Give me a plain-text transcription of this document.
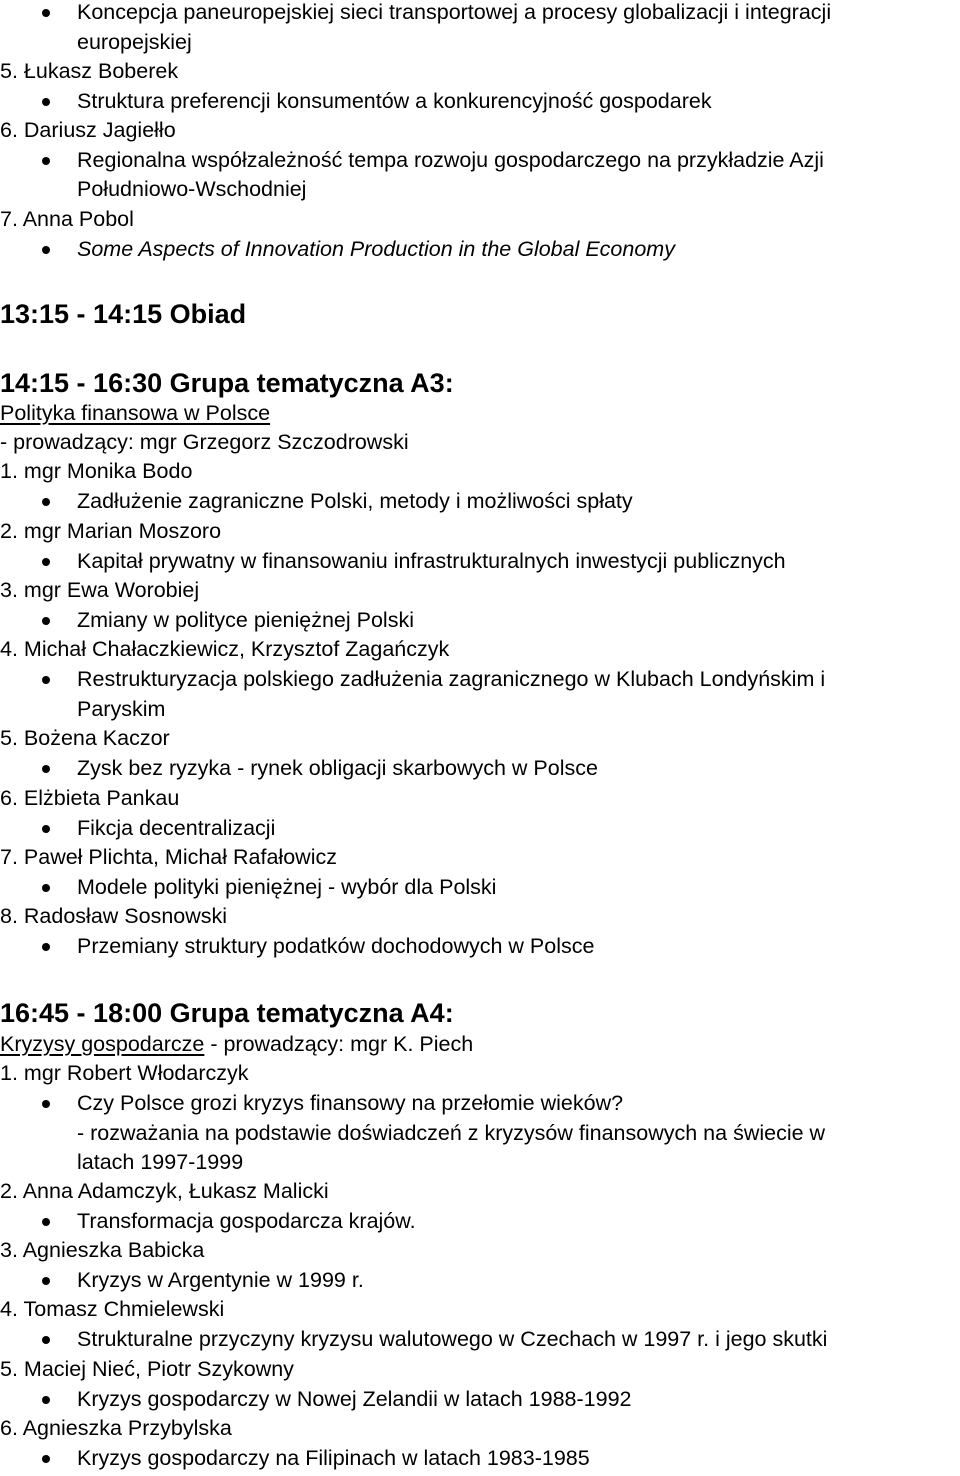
Koncepcja paneuropejskiej sieci transportowej a procesy globalizacji i integracji
europejskiej
5. Łukasz Boberek
Struktura preferencji konsumentów a konkurencyjność gospodarek
6. Dariusz Jagiełło
Regionalna współzależność tempa rozwoju gospodarczego na przykładzie Azji
Południowo-Wschodniej
7. Anna Pobol
Some Aspects of Innovation Production in the Global Economy
13:15 - 14:15 Obiad
14:15 - 16:30 Grupa tematyczna A3:
Polityka finansowa w Polsce
- prowadzący: mgr Grzegorz Szczodrowski
1. mgr Monika Bodo
Zadłużenie zagraniczne Polski, metody i możliwości spłaty
2. mgr Marian Moszoro
Kapitał prywatny w finansowaniu infrastrukturalnych inwestycji publicznych
3. mgr Ewa Worobiej
Zmiany w polityce pieniężnej Polski
4. Michał Chałaczkiewicz, Krzysztof Zagańczyk
Restrukturyzacja polskiego zadłużenia zagranicznego w Klubach Londyńskim i
Paryskim
5. Bożena Kaczor
Zysk bez ryzyka - rynek obligacji skarbowych w Polsce
6. Elżbieta Pankau
Fikcja decentralizacji
7. Paweł Plichta, Michał Rafałowicz
Modele polityki pieniężnej - wybór dla Polski
8. Radosław Sosnowski
Przemiany struktury podatków dochodowych w Polsce
16:45 - 18:00 Grupa tematyczna A4:
Kryzysy gospodarcze - prowadzący: mgr K. Piech
1. mgr Robert Włodarczyk
Czy Polsce grozi kryzys finansowy na przełomie wieków?
- rozważania na podstawie doświadczeń z kryzysów finansowych na świecie w
latach 1997-1999
2. Anna Adamczyk, Łukasz Malicki
Transformacja gospodarcza krajów.
3. Agnieszka Babicka
Kryzys w Argentynie w 1999 r.
4. Tomasz Chmielewski
Strukturalne przyczyny kryzysu walutowego w Czechach w 1997 r. i jego skutki
5. Maciej Nieć, Piotr Szykowny
Kryzys gospodarczy w Nowej Zelandii w latach 1988-1992
6. Agnieszka Przybylska
Kryzys gospodarczy na Filipinach w latach 1983-1985
